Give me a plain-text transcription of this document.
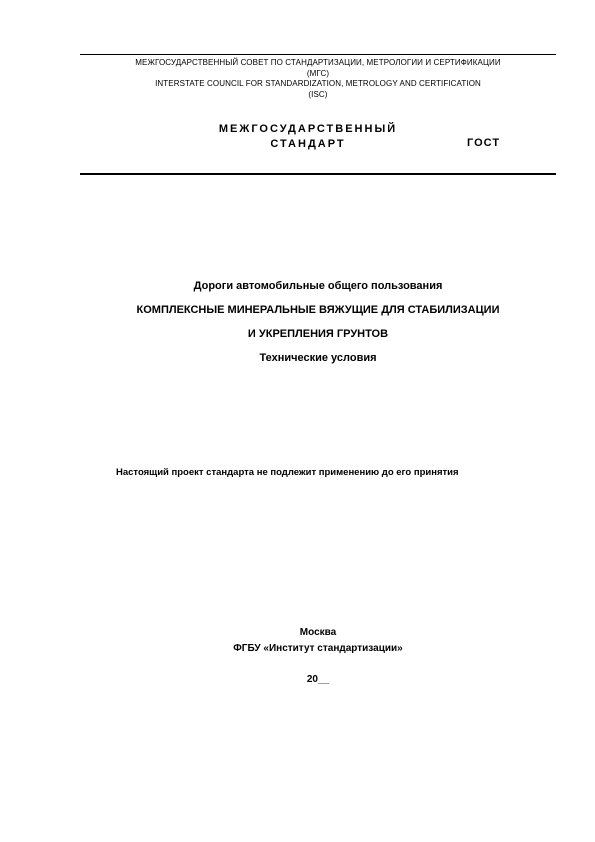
МЕЖГОСУДАРСТВЕННЫЙ СОВЕТ ПО СТАНДАРТИЗАЦИИ, МЕТРОЛОГИИ И СЕРТИФИКАЦИИ
(МГС)
INTERSTATE COUNCIL FOR STANDARDIZATION, METROLOGY AND CERTIFICATION
(ISC)
МЕЖГОСУДАРСТВЕННЫЙ
СТАНДАРТ	ГОСТ
Дороги автомобильные общего пользования
КОМПЛЕКСНЫЕ МИНЕРАЛЬНЫЕ ВЯЖУЩИЕ ДЛЯ СТАБИЛИЗАЦИИ
И УКРЕПЛЕНИЯ ГРУНТОВ
Технические условия
Настоящий проект стандарта не подлежит применению до его принятия
Москва
ФГБУ «Институт стандартизации»
20__
